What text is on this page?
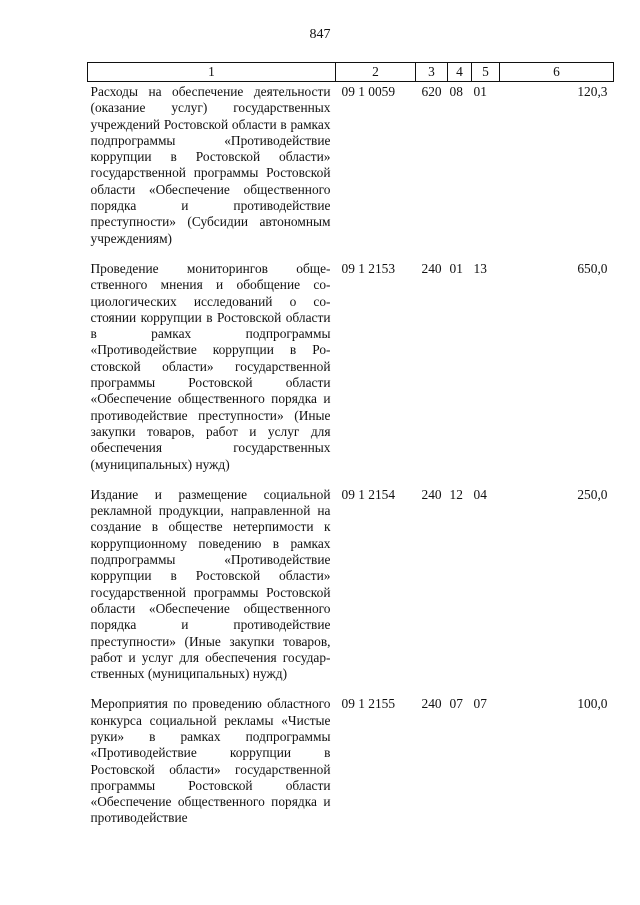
847
1	2	3	4	5	6
Расходы на обеспечение деятельности (оказание услуг) государственных учреждений Ростовской области в рамках подпрограммы «Противодействие коррупции в Ростовской области» государственной программы Ростовской области «Обеспечение общественного порядка и противодействие преступности» (Субсидии автономным учреждениям)	09 1 0059	620	08	01	120,3

Проведение мониторингов общественного мнения и обобщение социологических исследований о состоянии коррупции в Ростовской области в рамках подпрограммы «Противодействие коррупции в Ростовской области» государственной программы Ростовской области «Обеспечение общественного порядка и противодействие преступности» (Иные закупки товаров, работ и услуг для обеспечения государственных (муниципальных) нужд)	09 1 2153	240	01	13	650,0

Издание и размещение социальной рекламной продукции, направленной на создание в обществе нетерпимости к коррупционному поведению в рамках подпрограммы «Противодействие коррупции в Ростовской области» государственной программы Ростовской области «Обеспечение общественного порядка и противодействие преступности» (Иные закупки товаров, работ и услуг для обеспечения государственных (муниципальных) нужд)	09 1 2154	240	12	04	250,0

Мероприятия по проведению областного конкурса социальной рекламы «Чистые руки» в рамках подпрограммы «Противодействие коррупции в Ростовской области» государственной программы Ростовской области «Обеспечение общественного порядка и противодействие	09 1 2155	240	07	07	100,0
